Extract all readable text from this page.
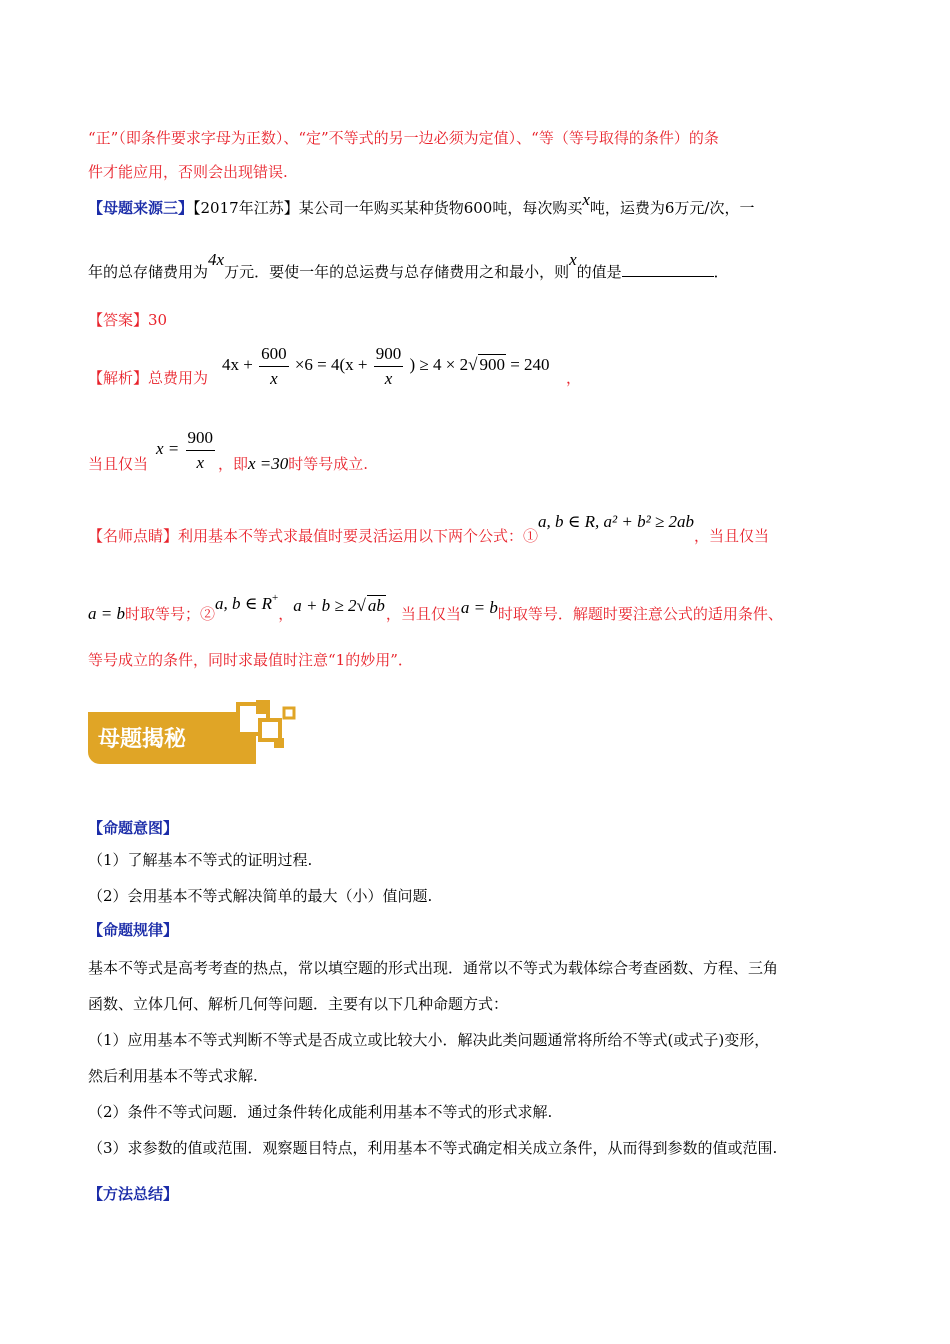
“正”（即条件要求字母为正数）、“定”不等式的另一边必须为定值）、“等（等号取得的条件）的条
件才能应用，否则会出现错误.
【母题来源三】【2017年江苏】某公司一年购买某种货物600吨，每次购买x吨，运费为6万元/次，一
年的总存储费用为4x万元．要使一年的总运费与总存储费用之和最小，则x的值是	．
【答案】30
【解析】总费用为
$4x + \frac{600}{x} \times 6 = 4(x + \frac{900}{x}$ ) ≥ 4 × 2√ 900 = 240
，
当且仅当
$x = \frac{900}{x}$ ，即x =30时等号成立.
【名师点睛】利用基本不等式求最值时要灵活运用以下两个公式：①a, b ∈ R, a² + b² ≥ 2ab，当且仅当
a = b时取等号；②a, b ∈ R+，a + b ≥ 2√ ab，当且仅当a = b时取等号．解题时要注意公式的适用条件、
等号成立的条件，同时求最值时注意“1的妙用”．
母题揭秘
【命题意图】
（1）了解基本不等式的证明过程.
（2）会用基本不等式解决简单的最大（小）值问题.
【命题规律】
基本不等式是高考考查的热点，常以填空题的形式出现．通常以不等式为载体综合考查函数、方程、三角
函数、立体几何、解析几何等问题．主要有以下几种命题方式：
（1）应用基本不等式判断不等式是否成立或比较大小．解决此类问题通常将所给不等式(或式子)变形，
然后利用基本不等式求解.
（2）条件不等式问题．通过条件转化成能利用基本不等式的形式求解.
（3）求参数的值或范围．观察题目特点，利用基本不等式确定相关成立条件，从而得到参数的值或范围.
【方法总结】
